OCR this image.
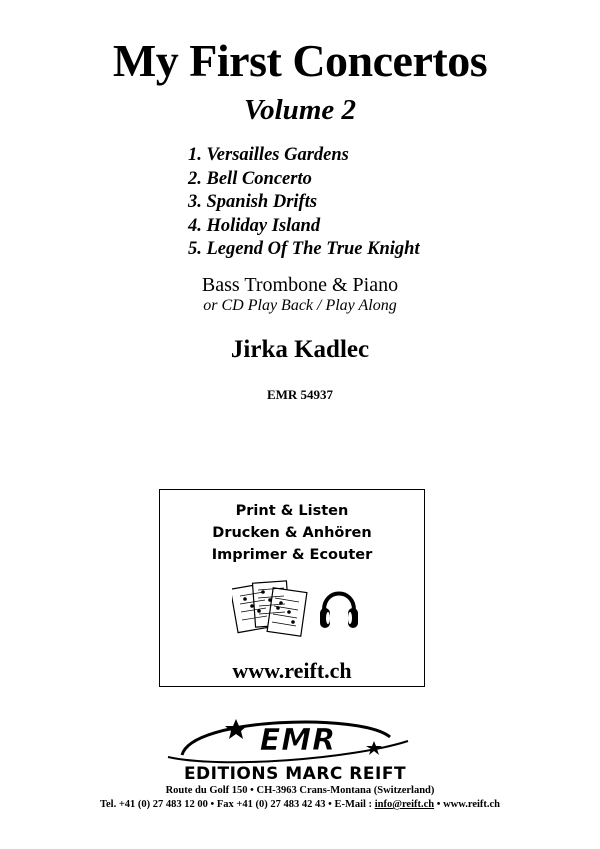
My First Concertos
Volume 2
1. Versailles Gardens
2. Bell Concerto
3. Spanish Drifts
4. Holiday Island
5. Legend Of The True Knight
Bass Trombone & Piano
or CD Play Back / Play Along
Jirka Kadlec
EMR 54937
Print & Listen
Drucken & Anhören
Imprimer & Ecouter
www.reift.ch
EMR
EDITIONS MARC REIFT
Route du Golf 150 • CH-3963 Crans-Montana (Switzerland)
Tel. +41 (0) 27 483 12 00 • Fax +41 (0) 27 483 42 43 • E-Mail : info@reift.ch • www.reift.ch
